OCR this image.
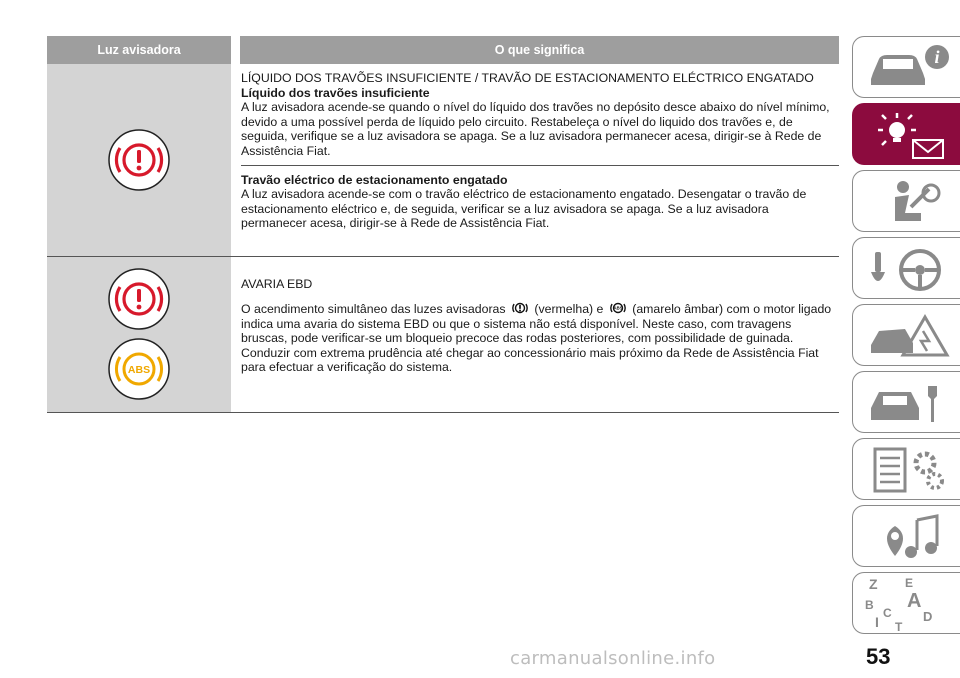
Luz avisadora	O que significa
LÍQUIDO DOS TRAVÕES INSUFICIENTE / TRAVÃO DE ESTACIONAMENTO ELÉCTRICO ENGATADO
Líquido dos travões insuficiente
A luz avisadora acende-se quando o nível do líquido dos travões no depósito desce abaixo do nível mínimo, devido a uma possível perda de líquido pelo circuito. Restabeleça o nível do liquido dos travões e, de seguida, verifique se a luz avisadora se apaga. Se a luz avisadora permanecer acesa, dirigir-se à Rede de Assistência Fiat.
Travão eléctrico de estacionamento engatado
A luz avisadora acende-se com o travão eléctrico de estacionamento engatado. Desengatar o travão de estacionamento eléctrico e, de seguida, verificar se a luz avisadora se apaga. Se a luz avisadora permanecer acesa, dirigir-se à Rede de Assistência Fiat.
ABS
AVARIA EBD
O acendimento simultâneo das luzes avisadoras (vermelha) e ABS (amarelo âmbar) com o motor ligado indica uma avaria do sistema EBD ou que o sistema não está disponível. Neste caso, com travagens bruscas, pode verificar-se um bloqueio precoce das rodas posteriores, com possibilidade de guinada.
Conduzir com extrema prudência até chegar ao concessionário mais próximo da Rede de Assistência Fiat para efectuar a verificação do sistema.
i
Z E
B A
C D
I T
53
carmanualsonline.info
